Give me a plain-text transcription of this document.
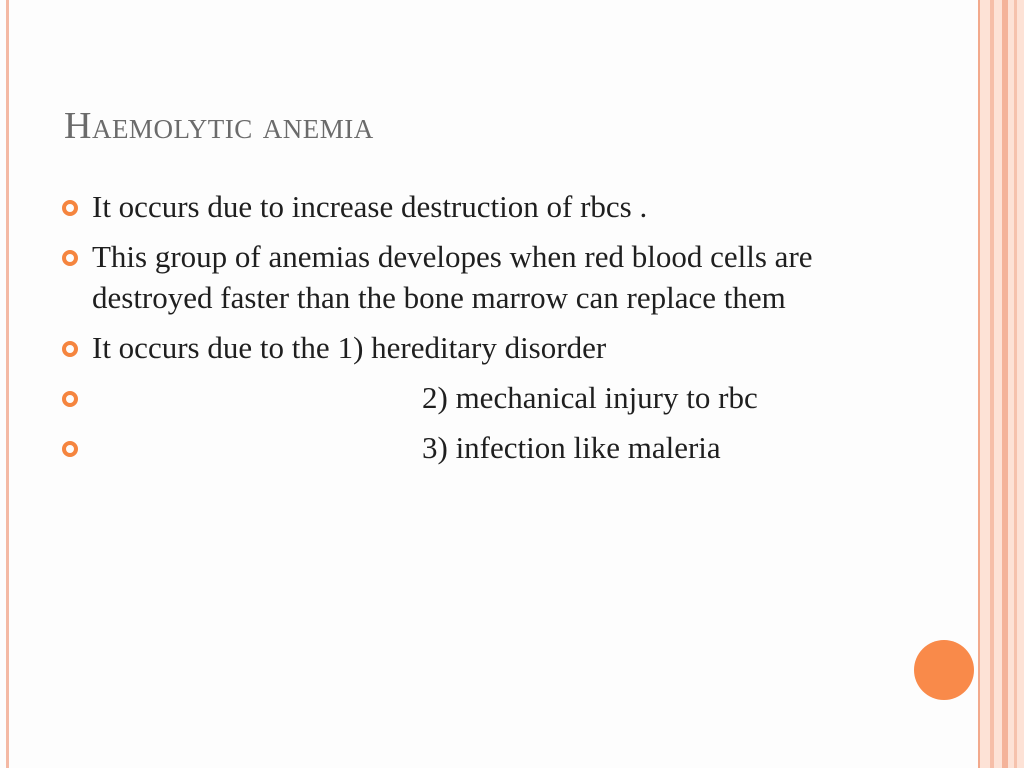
Haemolytic anemia
It occurs due to increase destruction of rbcs .
This group of anemias developes when red blood cells are destroyed faster than the bone marrow can replace them
It occurs due to the 1) hereditary disorder
2) mechanical injury to rbc
3) infection like maleria
